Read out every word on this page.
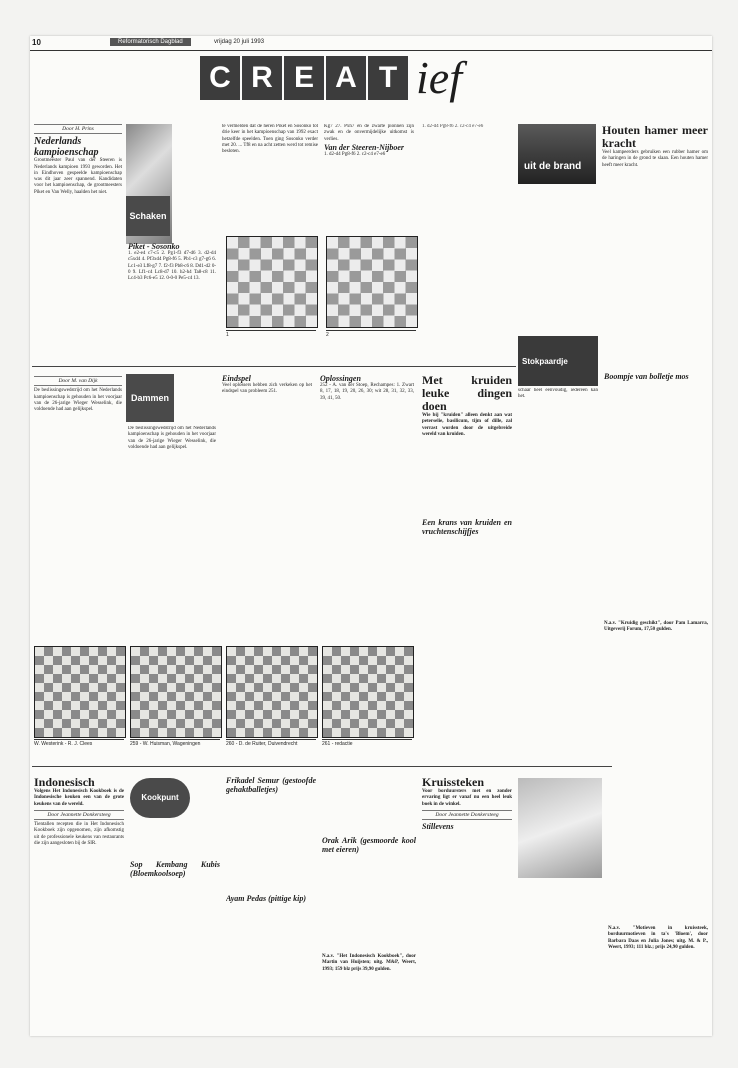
10	Reformatorisch Dagblad	vrijdag 20 juli 1993
C R E A T ief
Door H. Prins
Nederlands kampioenschap
Grootmeester Paul van der Steeren is Nederlands kampioen 1993 geworden. Het in Eindhoven gespeelde kampioenschap was dit jaar zeer spannend. Kandidaten voor het kampioenschap, de grootmeesters Piket en Van Welly, haalden het niet.
Schaken
Piket - Sosonko
1. e2-e4 c7-c5 2. Pg1-f3 d7-d6 3. d2-d4 c5xd4 4. Pf3xd4 Pg8-f6 5. Pb1-c3 g7-g6 6. Lc1-e3 Lf8-g7 7. f2-f3 Pb8-c6 8. Dd1-d2 0-0 9. Lf1-c4 Lc8-d7 10. h2-h4 Ta8-c8 11. Lc4-b3 Pc6-e5 12. 0-0-0 Pe5-c4 13.
te vermelden dat de heren Piket en Sosonko tot drie keer in het kampioenschap van 1992 exact hetzelfde speelden. Toen ging Sosonko verder met 20. ... Tf8 en na acht zetten werd tot remise besloten.
1
Kg7 27. Pxh7 en de zwarte pionnen zijn zwak en de onvermijdelijke uitkomst is verlies.
Van der Steeren-Nijboer
1. d2-d4 Pg8-f6 2. c2-c4 e7-e6
2
1. d2-d4 Pg8-f6 2. c2-c4 e7-e6
uit de brand
Houten hamer meer kracht
Veel kampeerders gebruiken een rubber hamer om de haringen in de grond te slaan. Een houten hamer heeft meer kracht.
Dammen
Door M. van Dijk
De beslissingswedstrijd om het Nederlands kampioenschap is gehouden in het voorjaar van de 26-jarige Wieger Wesselink, die voldoende had aan gelijkspel.
De beslissingswedstrijd om het Nederlands kampioenschap is gehouden in het voorjaar van de 26-jarige Wieger Wesselink, die voldoende had aan gelijkspel.
Eindspel
Veel oplossers hebben zich verkeken op het eindspel van probleem 251.
Oplossingen
252 - A. van der Stoep, Rechampes: 1. Zwart 8, 17, 18, 19, 20, 26, 30; wit 28, 31, 32, 33, 39, 41, 50.
W. Westerink - R. J. Clees	259 - W. Huisman, Wageningen	260 - D. de Ruiter, Duivendrecht	261 - redactie
Met kruiden leuke dingen doen
Wie bij "kruiden" alleen denkt aan wat peterselie, basilicum, tijm of dille, zal verrast worden door de uitgebreide wereld van kruiden.
Een krans van kruiden en vruchtenschijfjes
Stokpaardje
schaar heel eenvoudig, iedereen kan het.
Boompje van bolletje mos
N.a.v. "Kruidig geschikt", door Pam Lamarra, Uitgeverij Forum, 17,50 gulden.
Kruissteken
Voor borduursters met en zonder ervaring ligt er vanaf nu een heel leuk boek in de winkel.
Door Jeannette Donkersteeg
Stillevens
N.a.v. "Motieven in kruissteek, borduurmotieven in ta's 'Bloem', door Barbara Daas en Julia Jones; uitg. M. & P., Weert, 1993; 111 blz.; prijs 24,90 gulden.
Indonesisch
Volgens Het Indonesisch Kookboek is de Indonesische keuken een van de grote keukens van de wereld.
Door Jeannette Donkersteeg
Tientallen recepten die in Het Indonesisch Kookboek zijn opgenomen, zijn afkomstig uit de professionele keukens van restaurants die zijn aangesloten bij de SIR.
Kookpunt
Sop Kembang Kubis (Bloemkoolsoep)
Frikadel Semur (gestoofde gehaktballetjes)
Ayam Pedas (pittige kip)
Orak Arik (gesmoorde kool met eieren)
N.a.v. "Het Indonesisch Kookboek", door Martin van Huijsten; uitg. M&P, Weert, 1993; 159 blz prijs 39,90 gulden.
